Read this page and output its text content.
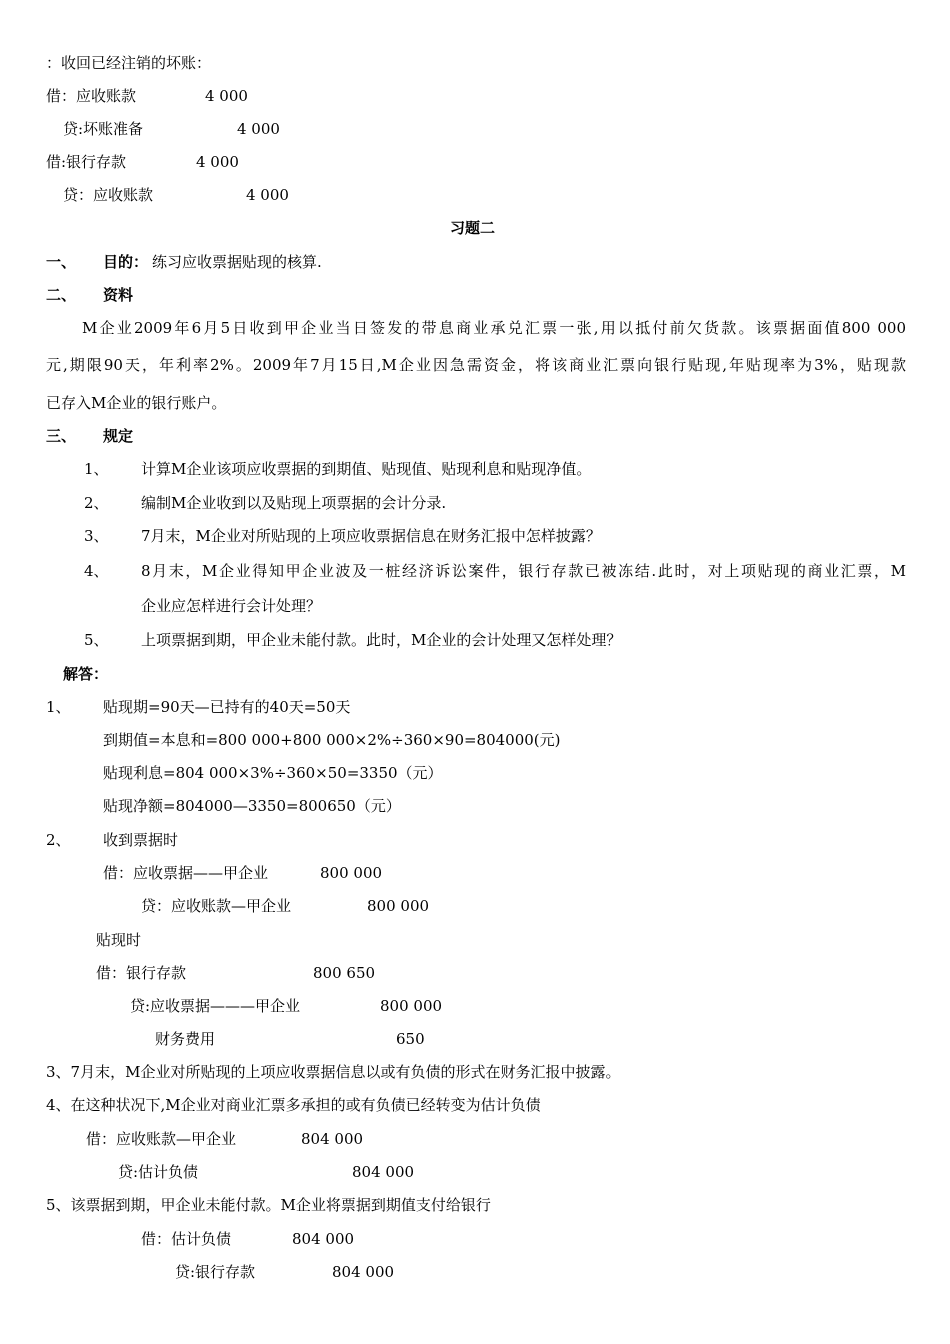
：收回已经注销的坏账：
借：应收账款	4 000
贷:坏账准备	4 000
借:银行存款	4 000
贷：应收账款	4 000
习题二
一、 目的： 练习应收票据贴现的核算.
二、 资料
M企业2009年6月5日收到甲企业当日签发的带息商业承兑汇票一张,用以抵付前欠货款。该票据面值800 000
元,期限90天，年利率2%。2009年7月15日,M企业因急需资金，将该商业汇票向银行贴现,年贴现率为3%，贴现款
已存入M企业的银行账户。
三、 规定
1、 计算M企业该项应收票据的到期值、贴现值、贴现利息和贴现净值。
2、 编制M企业收到以及贴现上项票据的会计分录.
3、 7月末，M企业对所贴现的上项应收票据信息在财务汇报中怎样披露？
4、 8月末，M企业得知甲企业波及一桩经济诉讼案件，银行存款已被冻结.此时，对上项贴现的商业汇票，M
企业应怎样进行会计处理？
5、 上项票据到期，甲企业未能付款。此时，M企业的会计处理又怎样处理？
解答：
1、 贴现期=90天—已持有的40天=50天
到期值=本息和=800 000+800 000×2%÷360×90=804000(元)
贴现利息=804 000×3%÷360×50=3350（元）
贴现净额=804000—3350=800650（元）
2、 收到票据时
借：应收票据——甲企业	800 000
贷：应收账款—甲企业	800 000
贴现时
借：银行存款	800 650
贷:应收票据———甲企业	800 000
财务费用	650
3、7月末，M企业对所贴现的上项应收票据信息以或有负债的形式在财务汇报中披露。
4、在这种状况下,M企业对商业汇票多承担的或有负债已经转变为估计负债
借：应收账款—甲企业	804 000
贷:估计负债	804 000
5、该票据到期，甲企业未能付款。M企业将票据到期值支付给银行
借：估计负债	804 000
贷:银行存款	804 000
